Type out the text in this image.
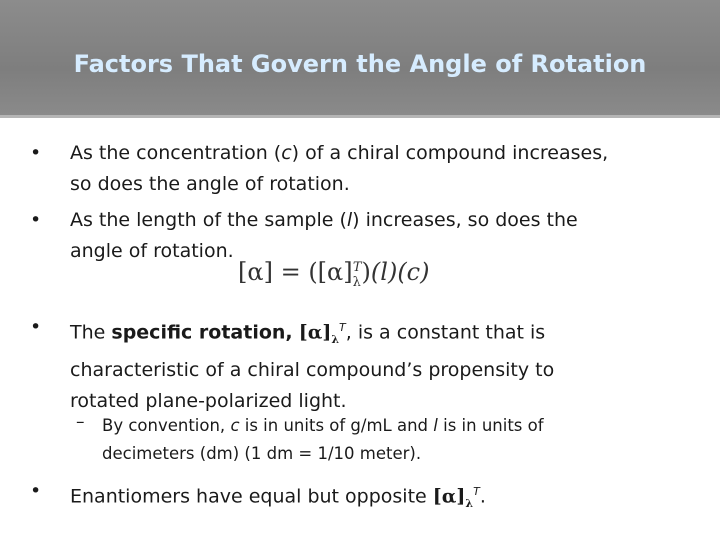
Factors That Govern the Angle of Rotation
• As the concentration (c) of a chiral compound increases,
so does the angle of rotation.
• As the length of the sample (l) increases, so does the
angle of rotation.
$[\alpha] = ([\alpha]_\lambda^T)(l)(c)$
• The specific rotation, $[\alpha]_\lambda^T$, is a constant that is
characteristic of a chiral compound’s propensity to
rotated plane-polarized light.
– By convention, c is in units of g/mL and l is in units of
decimeters (dm) (1 dm = 1/10 meter).
• Enantiomers have equal but opposite $[\alpha]_\lambda^T$.
